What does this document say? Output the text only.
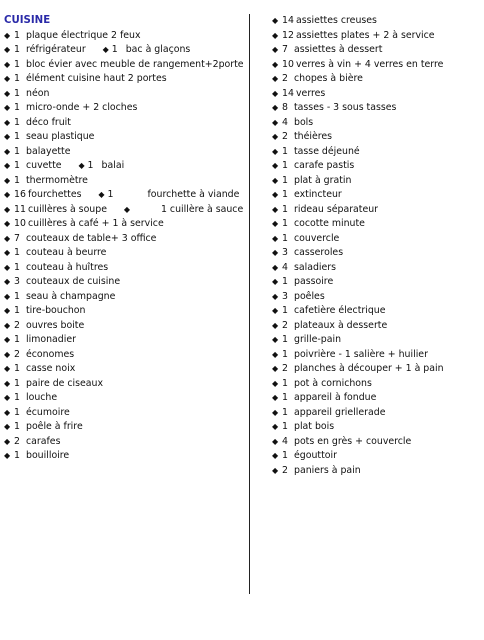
CUISINE
◆ 1 plaque électrique 2 feux
◆ 1 réfrigérateur	◆ 1 bac à glaçons
◆ 1 bloc évier avec meuble de rangement+2porte
◆ 1 élément cuisine haut 2 portes
◆ 1 néon
◆ 1 micro-onde + 2 cloches
◆ 1 déco fruit
◆ 1 seau plastique
◆ 1 balayette
◆ 1 cuvette	◆ 1 balai
◆ 1 thermomètre
◆ 16 fourchettes	◆ 1	fourchette à viande
◆ 11 cuillères à soupe	◆	1 cuillère à sauce
◆ 10 cuillères à café + 1 à service
◆ 7 couteaux de table+ 3 office
◆ 1 couteau à beurre
◆ 1 couteau à huîtres
◆ 3 couteaux de cuisine
◆ 1 seau à champagne
◆ 1 tire-bouchon
◆ 2 ouvres boite
◆ 1 limonadier
◆ 2 économes
◆ 1 casse noix
◆ 1 paire de ciseaux
◆ 1 louche
◆ 1 écumoire
◆ 1 poêle à frire
◆ 2 carafes
◆ 1 bouilloire
◆ 14 assiettes creuses
◆ 12 assiettes plates + 2 à service
◆ 7 assiettes à dessert
◆ 10 verres à vin + 4 verres en terre
◆ 2 chopes à bière
◆ 14 verres
◆ 8 tasses - 3 sous tasses
◆ 4 bols
◆ 2 théières
◆ 1 tasse déjeuné
◆ 1 carafe pastis
◆ 1 plat à gratin
◆ 1 extincteur
◆ 1 rideau séparateur
◆ 1 cocotte minute
◆ 1 couvercle
◆ 3 casseroles
◆ 4 saladiers
◆ 1 passoire
◆ 3 poêles
◆ 1 cafetière électrique
◆ 2 plateaux à desserte
◆ 1 grille-pain
◆ 1 poivrière - 1 salière + huilier
◆ 2 planches à découper + 1 à pain
◆ 1 pot à cornichons
◆ 1 appareil à fondue
◆ 1 appareil griellerade
◆ 1 plat bois
◆ 4 pots en grès + couvercle
◆ 1 égouttoir
◆ 2 paniers à pain
